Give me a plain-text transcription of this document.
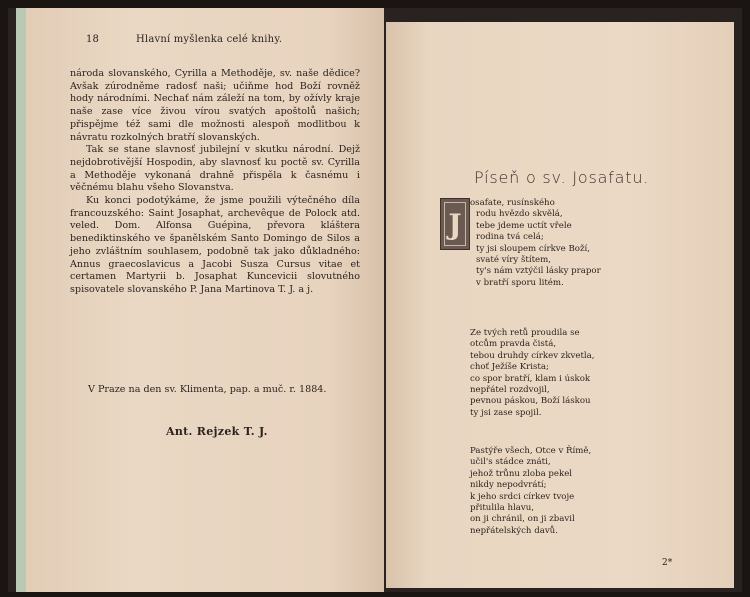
18	Hlavní myšlenka celé knihy.

národa slovanského, Cyrilla a Methoděje, sv. naše dědice? Avšak zúrodněme radosť naši; učiňme hod Boží rovněž hody národními. Nechať nám záleží na tom, by ožívly kraje naše zase více živou vírou svatých apoštolů našich; přispějme též sami dle možnosti alespoň modlitbou k návratu rozkolných bratří slovanských.

Tak se stane slavnosť jubilejní v skutku národní. Dejž nejdobrotivější Hospodin, aby slavnosť ku poctě sv. Cyrilla a Methoděje vykonaná drahně přispěla k časnému i věčnému blahu všeho Slovanstva.

Ku konci podotýkáme, že jsme použili výtečného díla francouzského: Saint Josaphat, archevêque de Polock atd. veled. Dom. Alfonsa Guépina, převora kláštera benediktinského ve španělském Santo Domingo de Silos a jeho zvláštním souhlasem, podobně tak jako důkladného: Annus graecoslavicus a Jacobi Susza Cursus vitae et certamen Martyrii b. Josaphat Kuncevicii slovutného spisovatele slovanského P. Jana Martinova T. J. a j.

V Praze na den sv. Klimenta, pap. a muč. r. 1884.
Ant. Rejzek T. J.
Píseň o sv. Josafatu.
J
osafate, rusínského
rodu hvězdo skvělá,
tebe jdeme uctít vřele
rodina tvá celá;
ty jsi sloupem církve Boží,
svaté víry štítem,
ty's nám vztýčil lásky prapor
v bratří sporu litém.
Ze tvých retů proudila se
otcům pravda čistá,
tebou druhdy církev zkvetla,
choť Ježíše Krista;
co spor bratří, klam i úskok
nepřátel rozdvojil,
pevnou páskou, Boží láskou
ty jsi zase spojil.
Pastýře všech, Otce v Římě,
učil's stádce znáti,
jehož trůnu zloba pekel
nikdy nepodvrátí;
k jeho srdci církev tvoje
přitulila hlavu,
on ji chránil, on ji zbavil
nepřátelských davů.
2*
